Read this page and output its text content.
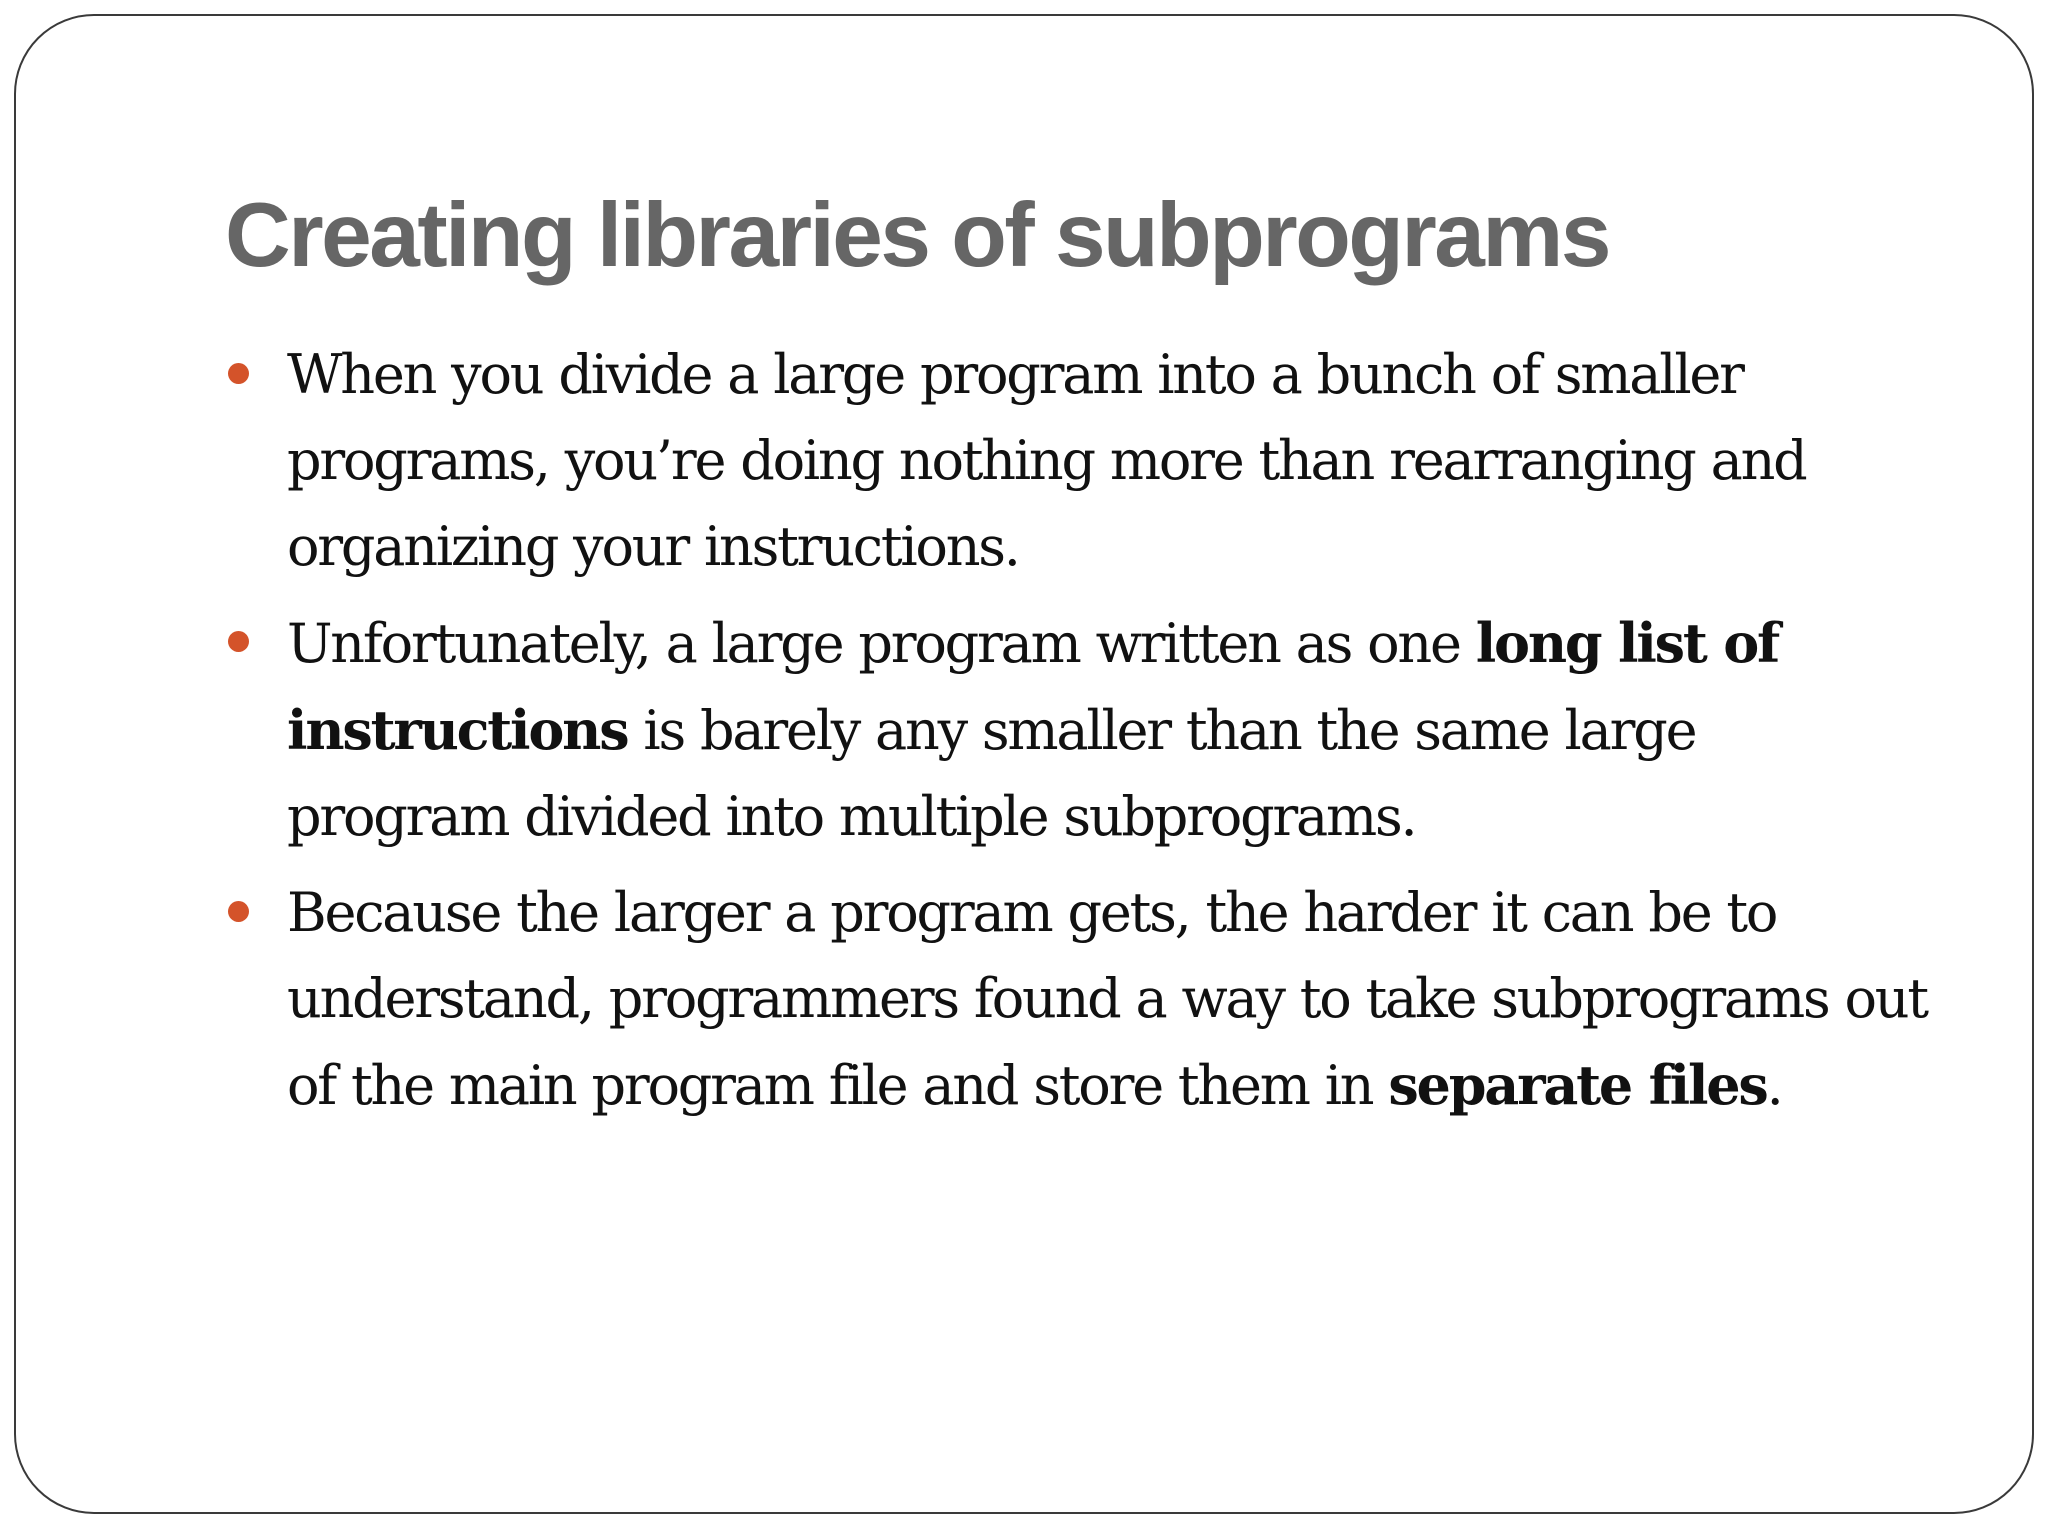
Creating libraries of subprograms
When you divide a large program into a bunch of smaller programs, you’re doing nothing more than rearranging and organizing your instructions.
Unfortunately, a large program written as one long list of instructions is barely any smaller than the same large program divided into multiple subprograms.
Because the larger a program gets, the harder it can be to understand, programmers found a way to take subprograms out of the main program file and store them in separate files.
